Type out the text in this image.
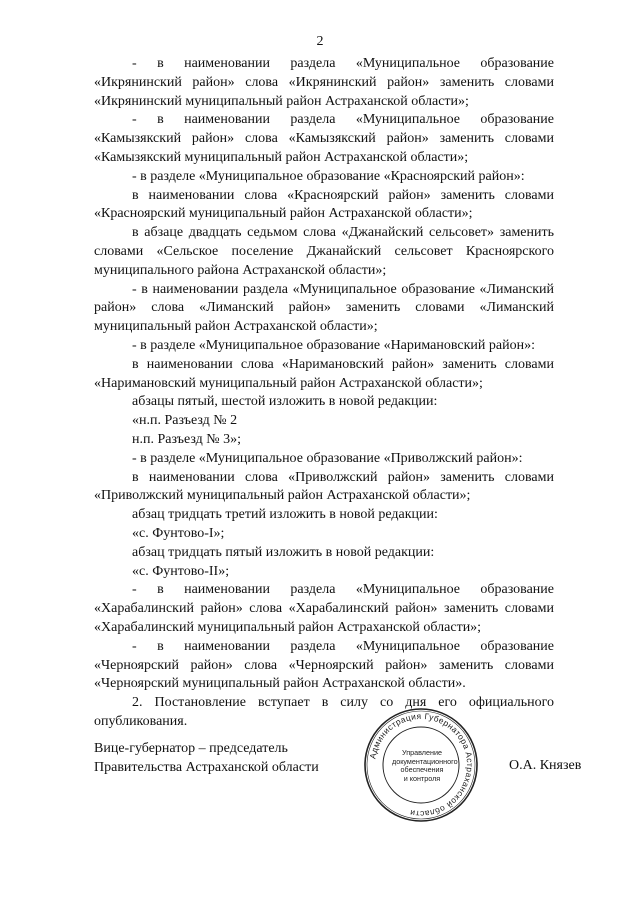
2

- в наименовании раздела «Муниципальное образование «Икрянинский район» слова «Икрянинский район» заменить словами «Икрянинский муниципальный район Астраханской области»;

- в наименовании раздела «Муниципальное образование «Камызякский район» слова «Камызякский район» заменить словами «Камызякский муниципальный район Астраханской области»;

- в разделе «Муниципальное образование «Красноярский район»:

в наименовании слова «Красноярский район» заменить словами «Красноярский муниципальный район Астраханской области»;

в абзаце двадцать седьмом слова «Джанайский сельсовет» заменить словами «Сельское поселение Джанайский сельсовет Красноярского муниципального района Астраханской области»;

- в наименовании раздела «Муниципальное образование «Лиманский район» слова «Лиманский район» заменить словами «Лиманский муниципальный район Астраханской области»;

- в разделе «Муниципальное образование «Наримановский район»:

в наименовании слова «Наримановский район» заменить словами «Наримановский муниципальный район Астраханской области»;

абзацы пятый, шестой изложить в новой редакции:

«н.п. Разъезд № 2

н.п. Разъезд № 3»;

- в разделе «Муниципальное образование «Приволжский район»:

в наименовании слова «Приволжский район» заменить словами «Приволжский муниципальный район Астраханской области»;

абзац тридцать третий изложить в новой редакции:

«с. Фунтово-I»;

абзац тридцать пятый изложить в новой редакции:

«с. Фунтово-II»;

- в наименовании раздела «Муниципальное образование «Харабалинский район» слова «Харабалинский район» заменить словами «Харабалинский муниципальный район Астраханской области»;

- в наименовании раздела «Муниципальное образование «Черноярский район» слова «Черноярский район» заменить словами «Черноярский муниципальный район Астраханской области».

2. Постановление вступает в силу со дня его официального опубликования.

Вице-губернатор – председатель
Правительства Астраханской области
Администрация Губернатора Астраханской области
Управление
документационного
обеспечения
и контроля
О.А. Князев
